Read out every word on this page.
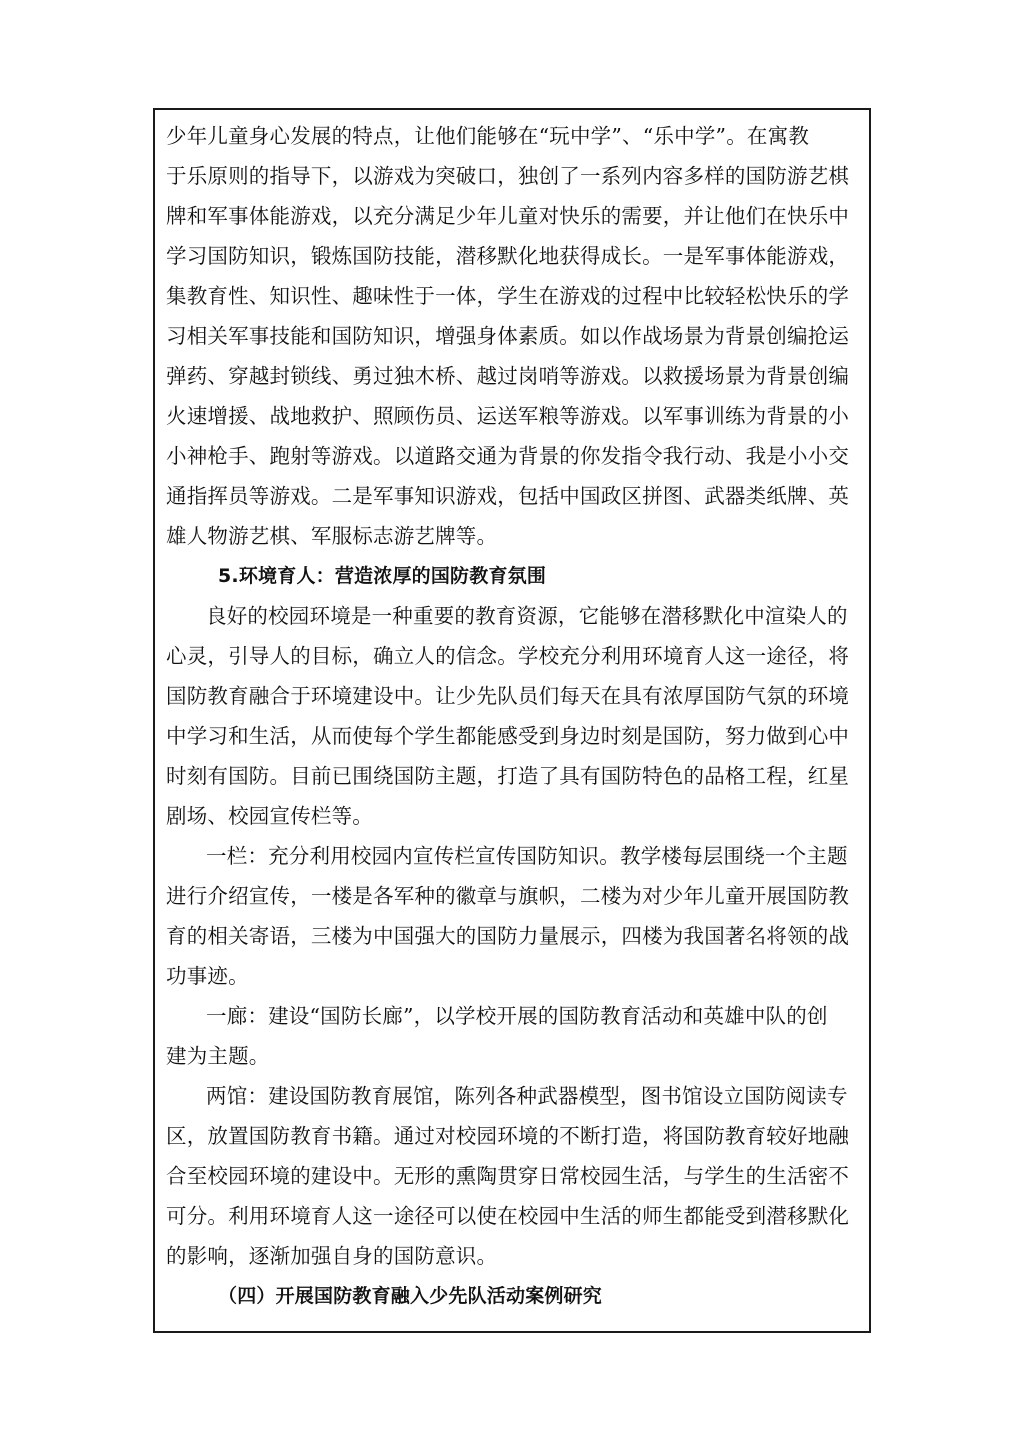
少年儿童身心发展的特点，让他们能够在“玩中学”、“乐中学”。在寓教
于乐原则的指导下，以游戏为突破口，独创了一系列内容多样的国防游艺棋
牌和军事体能游戏，以充分满足少年儿童对快乐的需要，并让他们在快乐中
学习国防知识，锻炼国防技能，潜移默化地获得成长。一是军事体能游戏，
集教育性、知识性、趣味性于一体，学生在游戏的过程中比较轻松快乐的学
习相关军事技能和国防知识，增强身体素质。如以作战场景为背景创编抢运
弹药、穿越封锁线、勇过独木桥、越过岗哨等游戏。以救援场景为背景创编
火速增援、战地救护、照顾伤员、运送军粮等游戏。以军事训练为背景的小
小神枪手、跑射等游戏。以道路交通为背景的你发指令我行动、我是小小交
通指挥员等游戏。二是军事知识游戏，包括中国政区拼图、武器类纸牌、英
雄人物游艺棋、军服标志游艺牌等。
5.环境育人：营造浓厚的国防教育氛围
良好的校园环境是一种重要的教育资源，它能够在潜移默化中渲染人的
心灵，引导人的目标，确立人的信念。学校充分利用环境育人这一途径，将
国防教育融合于环境建设中。让少先队员们每天在具有浓厚国防气氛的环境
中学习和生活，从而使每个学生都能感受到身边时刻是国防，努力做到心中
时刻有国防。目前已围绕国防主题，打造了具有国防特色的品格工程，红星
剧场、校园宣传栏等。
一栏：充分利用校园内宣传栏宣传国防知识。教学楼每层围绕一个主题
进行介绍宣传，一楼是各军种的徽章与旗帜，二楼为对少年儿童开展国防教
育的相关寄语，三楼为中国强大的国防力量展示，四楼为我国著名将领的战
功事迹。
一廊：建设“国防长廊”，以学校开展的国防教育活动和英雄中队的创
建为主题。
两馆：建设国防教育展馆，陈列各种武器模型，图书馆设立国防阅读专
区，放置国防教育书籍。通过对校园环境的不断打造，将国防教育较好地融
合至校园环境的建设中。无形的熏陶贯穿日常校园生活，与学生的生活密不
可分。利用环境育人这一途径可以使在校园中生活的师生都能受到潜移默化
的影响，逐渐加强自身的国防意识。
（四）开展国防教育融入少先队活动案例研究
